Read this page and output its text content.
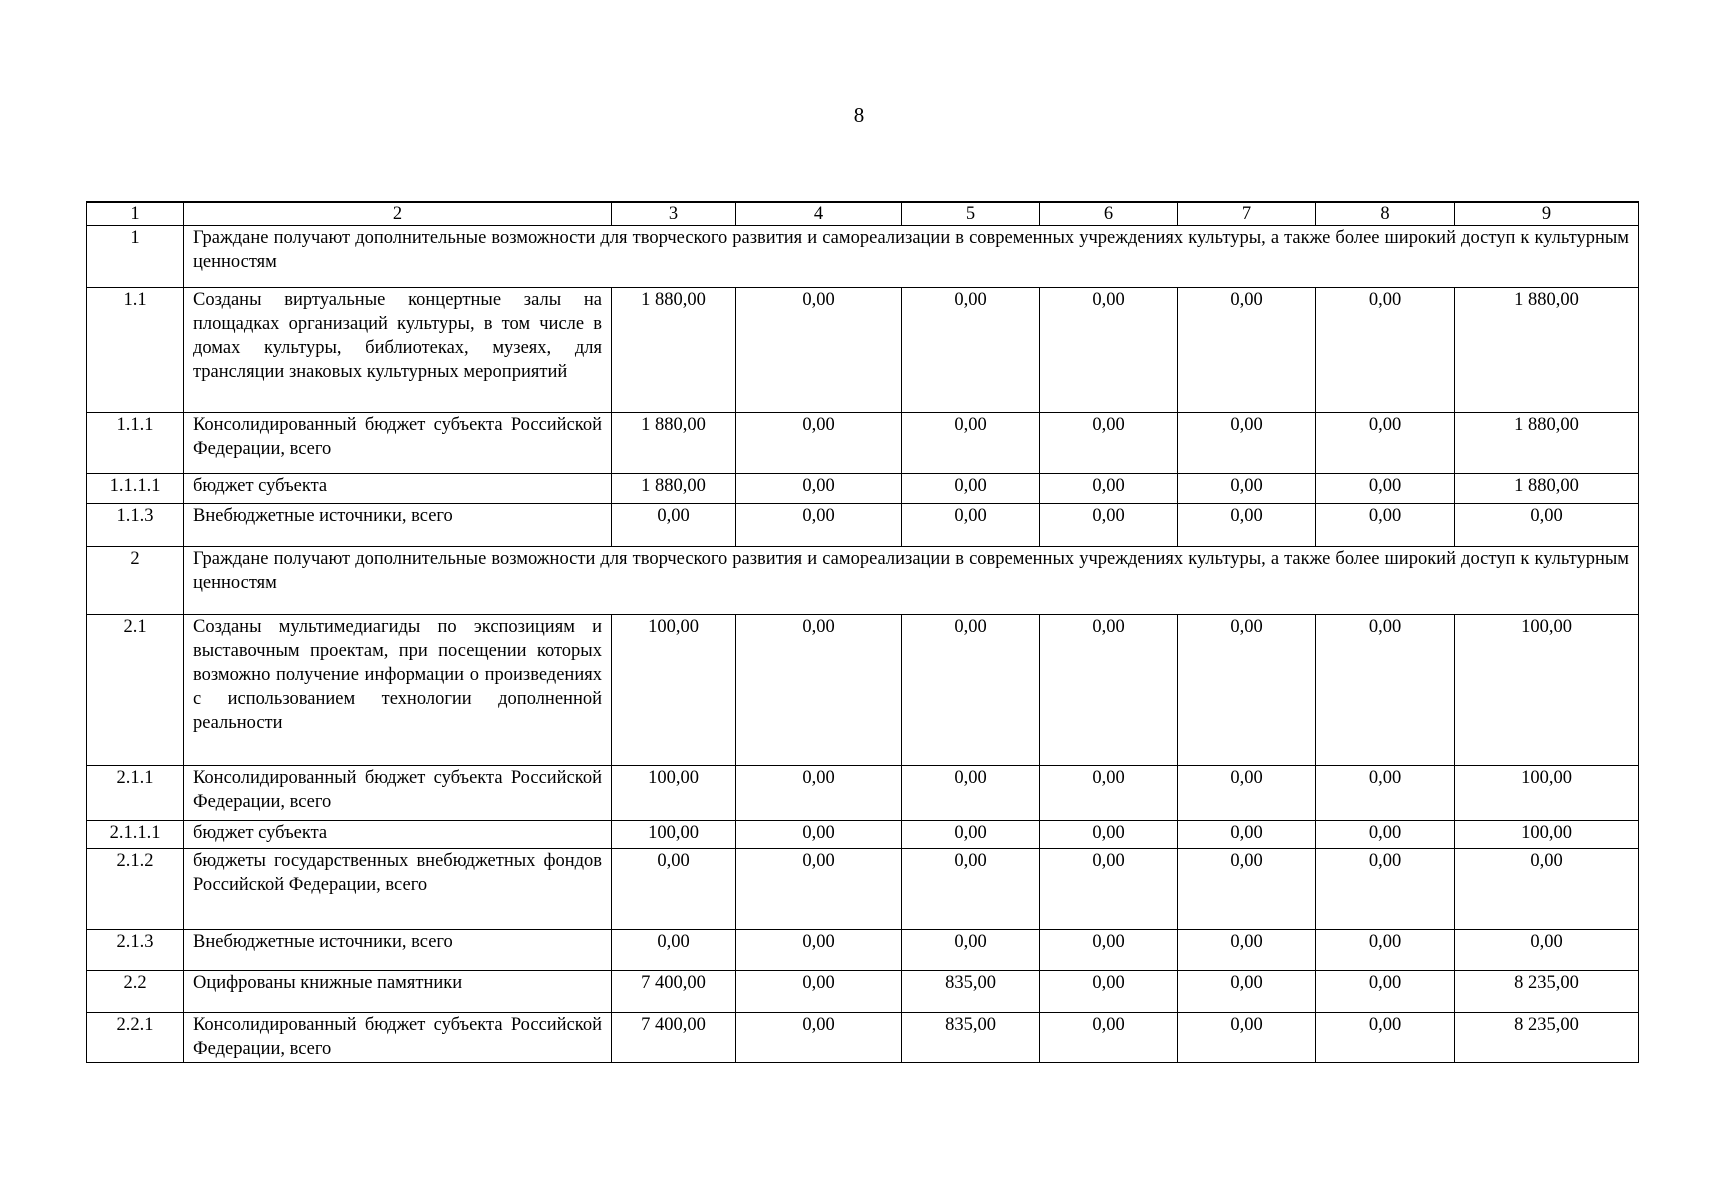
8
1	2	3	4	5	6	7	8	9
1	Граждане получают дополнительные возможности для творческого развития и самореализации в современных учреждениях культуры, а также более широкий доступ к культурным ценностям							
1.1	Созданы виртуальные концертные залы на площадках организаций культуры, в том числе в домах культуры, библиотеках, музеях, для трансляции знаковых культурных мероприятий	1 880,00	0,00	0,00	0,00	0,00	0,00	1 880,00
1.1.1	Консолидированный бюджет субъекта Российской Федерации, всего	1 880,00	0,00	0,00	0,00	0,00	0,00	1 880,00
1.1.1.1	бюджет субъекта	1 880,00	0,00	0,00	0,00	0,00	0,00	1 880,00
1.1.3	Внебюджетные источники, всего	0,00	0,00	0,00	0,00	0,00	0,00	0,00
2	Граждане получают дополнительные возможности для творческого развития и самореализации в современных учреждениях культуры, а также более широкий доступ к культурным ценностям							
2.1	Созданы мультимедиагиды по экспозициям и выставочным проектам, при посещении которых возможно получение информации о произведениях с использованием технологии дополненной реальности	100,00	0,00	0,00	0,00	0,00	0,00	100,00
2.1.1	Консолидированный бюджет субъекта Российской Федерации, всего	100,00	0,00	0,00	0,00	0,00	0,00	100,00
2.1.1.1	бюджет субъекта	100,00	0,00	0,00	0,00	0,00	0,00	100,00
2.1.2	бюджеты государственных внебюджетных фондов Российской Федерации, всего	0,00	0,00	0,00	0,00	0,00	0,00	0,00
2.1.3	Внебюджетные источники, всего	0,00	0,00	0,00	0,00	0,00	0,00	0,00
2.2	Оцифрованы книжные памятники	7 400,00	0,00	835,00	0,00	0,00	0,00	8 235,00
2.2.1	Консолидированный бюджет субъекта Российской Федерации, всего	7 400,00	0,00	835,00	0,00	0,00	0,00	8 235,00
